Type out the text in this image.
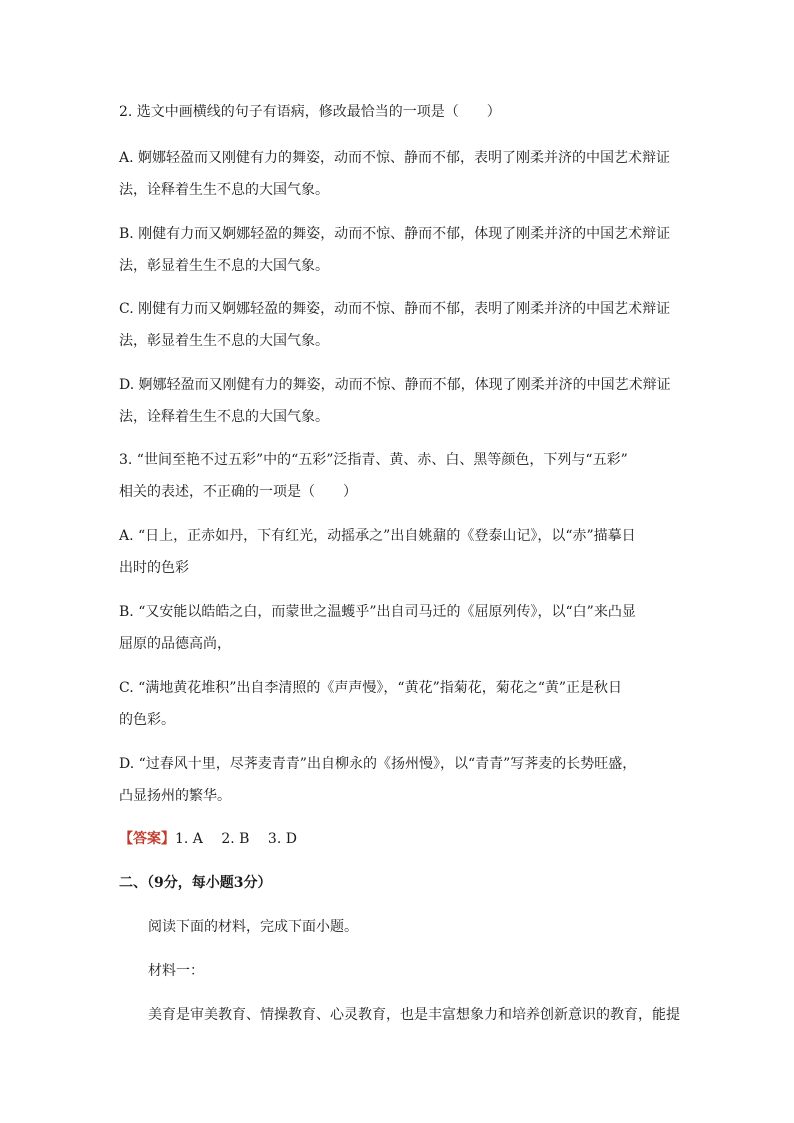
2. 选文中画横线的句子有语病，修改最恰当的一项是（　　）
A. 婀娜轻盈而又刚健有力的舞姿，动而不惊、静而不郁，表明了刚柔并济的中国艺术辩证
法，诠释着生生不息的大国气象。
B. 刚健有力而又婀娜轻盈的舞姿，动而不惊、静而不郁，体现了刚柔并济的中国艺术辩证
法，彰显着生生不息的大国气象。
C. 刚健有力而又婀娜轻盈的舞姿，动而不惊、静而不郁，表明了刚柔并济的中国艺术辩证
法，彰显着生生不息的大国气象。
D. 婀娜轻盈而又刚健有力的舞姿，动而不惊、静而不郁，体现了刚柔并济的中国艺术辩证
法，诠释着生生不息的大国气象。
3. “世间至艳不过五彩”中的“五彩”泛指青、黄、赤、白、黑等颜色，下列与“五彩”
相关的表述，不正确的一项是（　　）
A. “日上，正赤如丹，下有红光，动摇承之”出自姚鼐的《登泰山记》，以“赤”描摹日
出时的色彩
B. “又安能以皓皓之白，而蒙世之温蠖乎”出自司马迁的《屈原列传》，以“白”来凸显
屈原的品德高尚，
C. “满地黄花堆积”出自李清照的《声声慢》，“黄花”指菊花，菊花之“黄”正是秋日
的色彩。
D. “过春风十里，尽荠麦青青”出自柳永的《扬州慢》，以“青青”写荠麦的长势旺盛，
凸显扬州的繁华。
【答案】1. A　 2. B　 3. D
二、（9分，每小题3分）
阅读下面的材料，完成下面小题。
材料一：
美育是审美教育、情操教育、心灵教育，也是丰富想象力和培养创新意识的教育，能提
